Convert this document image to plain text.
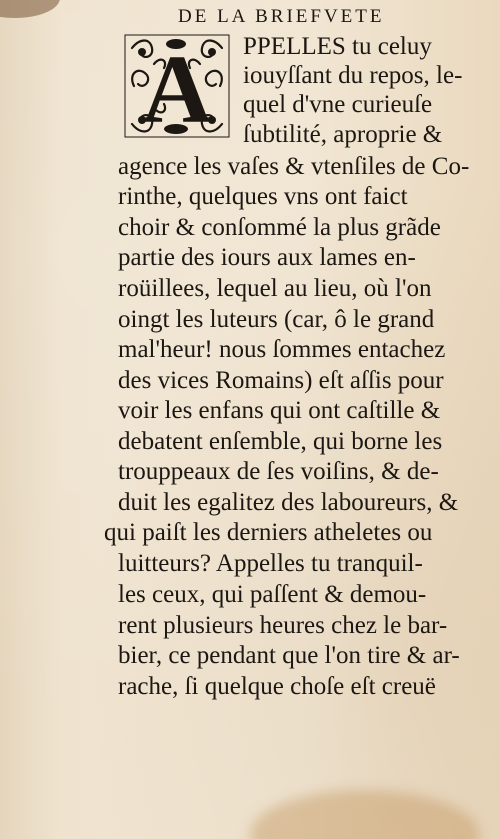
DE LA BRIEFVETE
A PPELLES tu celuy

iouyſſant du repos, le-

quel d'vne curieuſe

ſubtilité, aproprie &

agence les vaſes & vtenſiles de Co-

rinthe, quelques vns ont faict

choir & conſommé la plus grãde

partie des iours aux lames en-

roüillees, lequel au lieu, où l'on

oingt les luteurs (car, ô le grand

mal'heur! nous ſommes entachez

des vices Romains) eſt aſſis pour

voir les enfans qui ont caſtille &

debatent enſemble, qui borne les

trouppeaux de ſes voiſins, & de-

duit les egalitez des laboureurs, &

qui paiſt les derniers atheletes ou

luitteurs? Appelles tu tranquil-

les ceux, qui paſſent & demou-

rent plusieurs heures chez le bar-

bier, ce pendant que l'on tire & ar-

rache, ſi quelque choſe eſt creuë
